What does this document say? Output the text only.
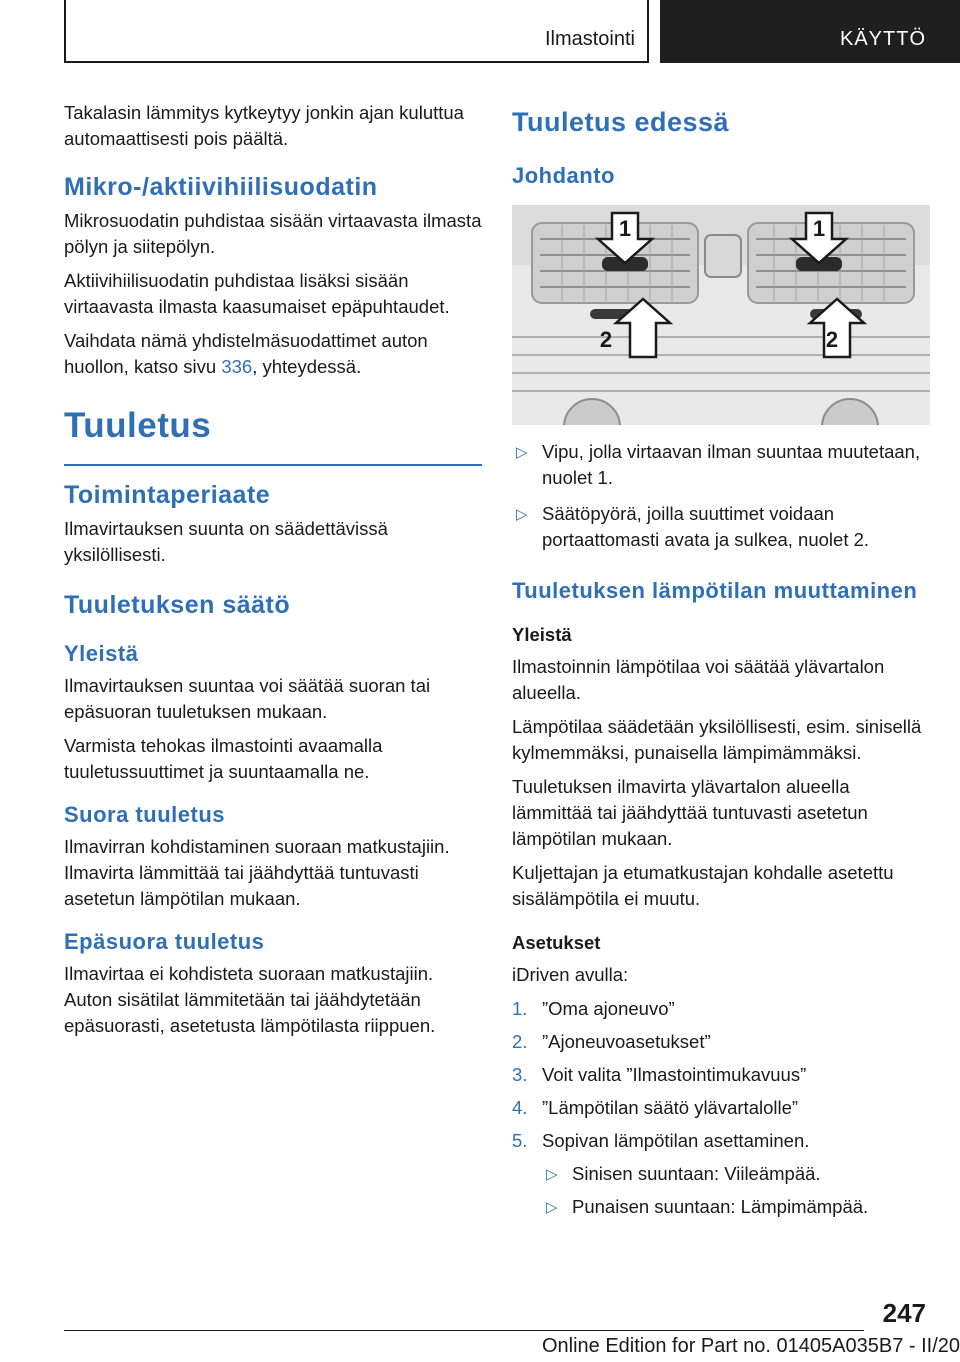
Ilmastointi	KÄYTTÖ

Takalasin lämmitys kytkeytyy jonkin ajan kuluttua automaattisesti pois päältä.

Mikro-/aktiivihiilisuodatin

Mikrosuodatin puhdistaa sisään virtaavasta ilmasta pölyn ja siitepölyn.

Aktiivihiilisuodatin puhdistaa lisäksi sisään virtaavasta ilmasta kaasumaiset epäpuhtaudet.

Vaihdata nämä yhdistelmäsuodattimet auton huollon, katso sivu 336, yhteydessä.

Tuuletus
Toimintaperiaate

Ilmavirtauksen suunta on säädettävissä yksilöllisesti.

Tuuletuksen säätö
Yleistä

Ilmavirtauksen suuntaa voi säätää suoran tai epäsuoran tuuletuksen mukaan.

Varmista tehokas ilmastointi avaamalla tuuletussuuttimet ja suuntaamalla ne.

Suora tuuletus

Ilmavirran kohdistaminen suoraan matkustajiin. Ilmavirta lämmittää tai jäähdyttää tuntuvasti asetetun lämpötilan mukaan.

Epäsuora tuuletus

Ilmavirtaa ei kohdisteta suoraan matkustajiin. Auton sisätilat lämmitetään tai jäähdytetään epäsuorasti, asetetusta lämpötilasta riippuen.

Tuuletus edessä
Johdanto
1	1
2	2
▷ Vipu, jolla virtaavan ilman suuntaa muutetaan, nuolet 1.
▷ Säätöpyörä, joilla suuttimet voidaan portaattomasti avata ja sulkea, nuolet 2.
Tuuletuksen lämpötilan muuttaminen
Yleistä

Ilmastoinnin lämpötilaa voi säätää ylävartalon alueella.

Lämpötilaa säädetään yksilöllisesti, esim. sinisellä kylmemmäksi, punaisella lämpimämmäksi.

Tuuletuksen ilmavirta ylävartalon alueella lämmittää tai jäähdyttää tuntuvasti asetetun lämpötilan mukaan.

Kuljettajan ja etumatkustajan kohdalle asetettu sisälämpötila ei muutu.

Asetukset

iDriven avulla:

1. ”Oma ajoneuvo”
2. ”Ajoneuvoasetukset”
3. Voit valita ”Ilmastointimukavuus”
4. ”Lämpötilan säätö ylävartalolle”
5. Sopivan lämpötilan asettaminen.
▷ Sinisen suuntaan: Viileämpää.
▷ Punaisen suuntaan: Lämpimämpää.
247
Online Edition for Part no. 01405A035B7 - II/20
